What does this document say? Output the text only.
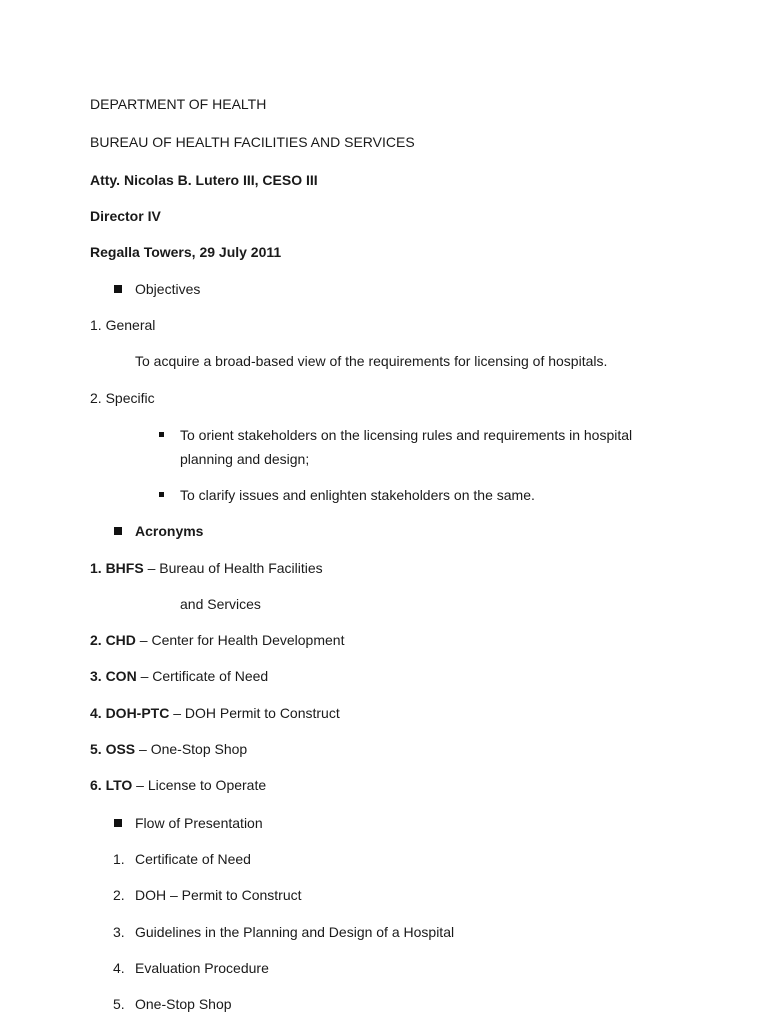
DEPARTMENT OF HEALTH
BUREAU OF HEALTH FACILITIES AND SERVICES
Atty. Nicolas B. Lutero III, CESO III
Director IV
Regalla Towers, 29 July 2011
Objectives
1. General
To acquire a broad-based view of the requirements for licensing of hospitals.
2. Specific
To orient stakeholders on the licensing rules and requirements in hospital
planning and design;
To clarify issues and enlighten stakeholders on the same.
Acronyms
1. BHFS – Bureau of Health Facilities
and Services
2. CHD – Center for Health Development
3. CON – Certificate of Need
4. DOH-PTC – DOH Permit to Construct
5. OSS – One-Stop Shop
6. LTO – License to Operate
Flow of Presentation
1. Certificate of Need
2. DOH – Permit to Construct
3. Guidelines in the Planning and Design of a Hospital
4. Evaluation Procedure
5. One-Stop Shop
